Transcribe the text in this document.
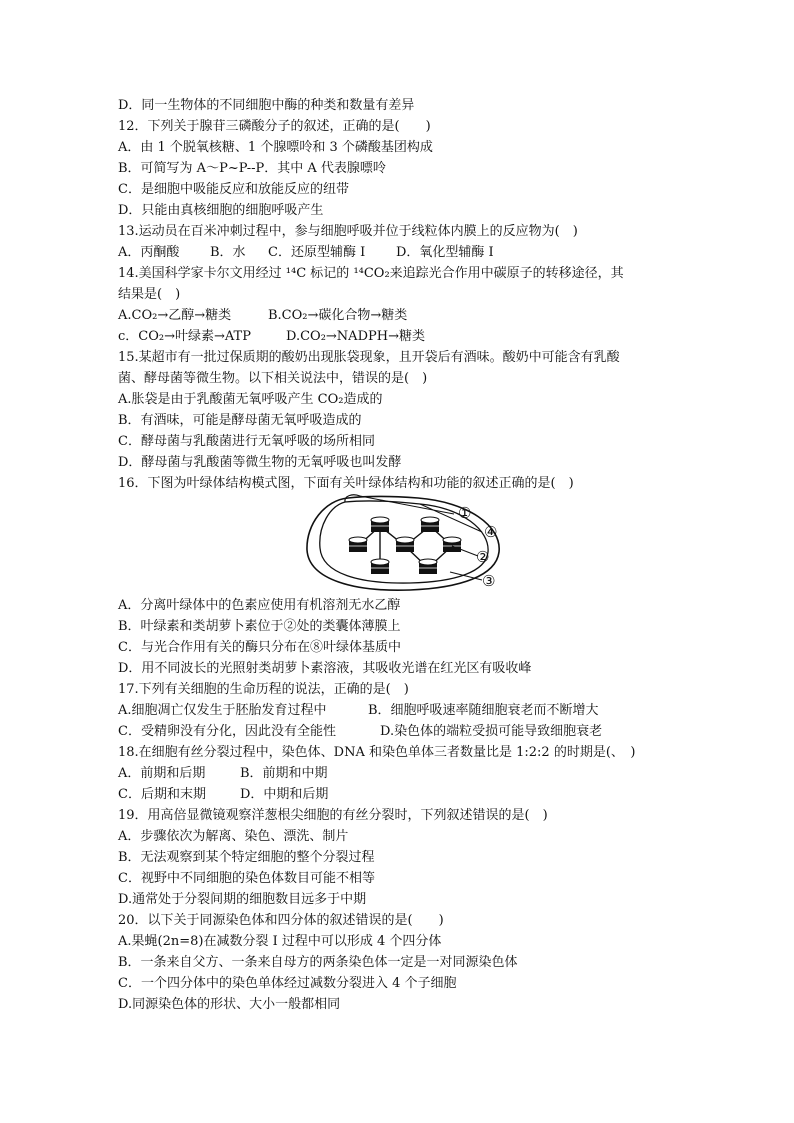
D．同一生物体的不同细胞中酶的种类和数量有差异
12．下列关于腺苷三磷酸分子的叙述，正确的是(　　)
A．由 1 个脱氧核糖、1 个腺嘌呤和 3 个磷酸基团构成
B．可简写为 A～P~P--P．其中 A 代表腺嘌呤
C．是细胞中吸能反应和放能反应的纽带
D．只能由真核细胞的细胞呼吸产生
13.运动员在百米冲刺过程中，参与细胞呼吸并位于线粒体内膜上的反应物为(　)
A．丙酮酸 B．水 C．还原型辅酶 I D．氧化型辅酶 I
14.美国科学家卡尔文用经过 ¹⁴C 标记的 ¹⁴CO₂来追踪光合作用中碳原子的转移途径，其
结果是(　)
A.CO₂→乙醇→糖类	B.CO₂→碳化合物→糖类
c．CO₂→叶绿素→ATP	D.CO₂→NADPH→糖类
15.某超市有一批过保质期的酸奶出现胀袋现象，且开袋后有酒味。酸奶中可能含有乳酸
菌、酵母菌等微生物。以下相关说法中，错误的是(　)
A.胀袋是由于乳酸菌无氧呼吸产生 CO₂造成的
B．有酒味，可能是酵母菌无氧呼吸造成的
C．酵母菌与乳酸菌进行无氧呼吸的场所相同
D．酵母菌与乳酸菌等微生物的无氧呼吸也叫发酵
16．下图为叶绿体结构模式图，下面有关叶绿体结构和功能的叙述正确的是(　)
①
④
②
③
A．分离叶绿体中的色素应使用有机溶剂无水乙醇
B．叶绿素和类胡萝卜素位于②处的类囊体薄膜上
C．与光合作用有关的酶只分布在⑧叶绿体基质中
D．用不同波长的光照射类胡萝卜素溶液，其吸收光谱在红光区有吸收峰
17.下列有关细胞的生命历程的说法，正确的是(　)
A.细胞凋亡仅发生于胚胎发育过程中	B．细胞呼吸速率随细胞衰老而不断增大
C．受精卵没有分化，因此没有全能性	D.染色体的端粒受损可能导致细胞衰老
18.在细胞有丝分裂过程中，染色体、DNA 和染色单体三者数量比是 1:2:2 的时期是(、　)
A．前期和后期	B．前期和中期
C．后期和末期	D．中期和后期
19．用高倍显微镜观察洋葱根尖细胞的有丝分裂时，下列叙述错误的是(　)
A．步骤依次为解离、染色、漂洗、制片
B．无法观察到某个特定细胞的整个分裂过程
C．视野中不同细胞的染色体数目可能不相等
D.通常处于分裂间期的细胞数目远多于中期
20．以下关于同源染色体和四分体的叙述错误的是(　　)
A.果蝇(2n=8)在减数分裂 I 过程中可以形成 4 个四分体
B．一条来自父方、一条来自母方的两条染色体一定是一对同源染色体
C．一个四分体中的染色单体经过减数分裂进入 4 个子细胞
D.同源染色体的形状、大小一般都相同
